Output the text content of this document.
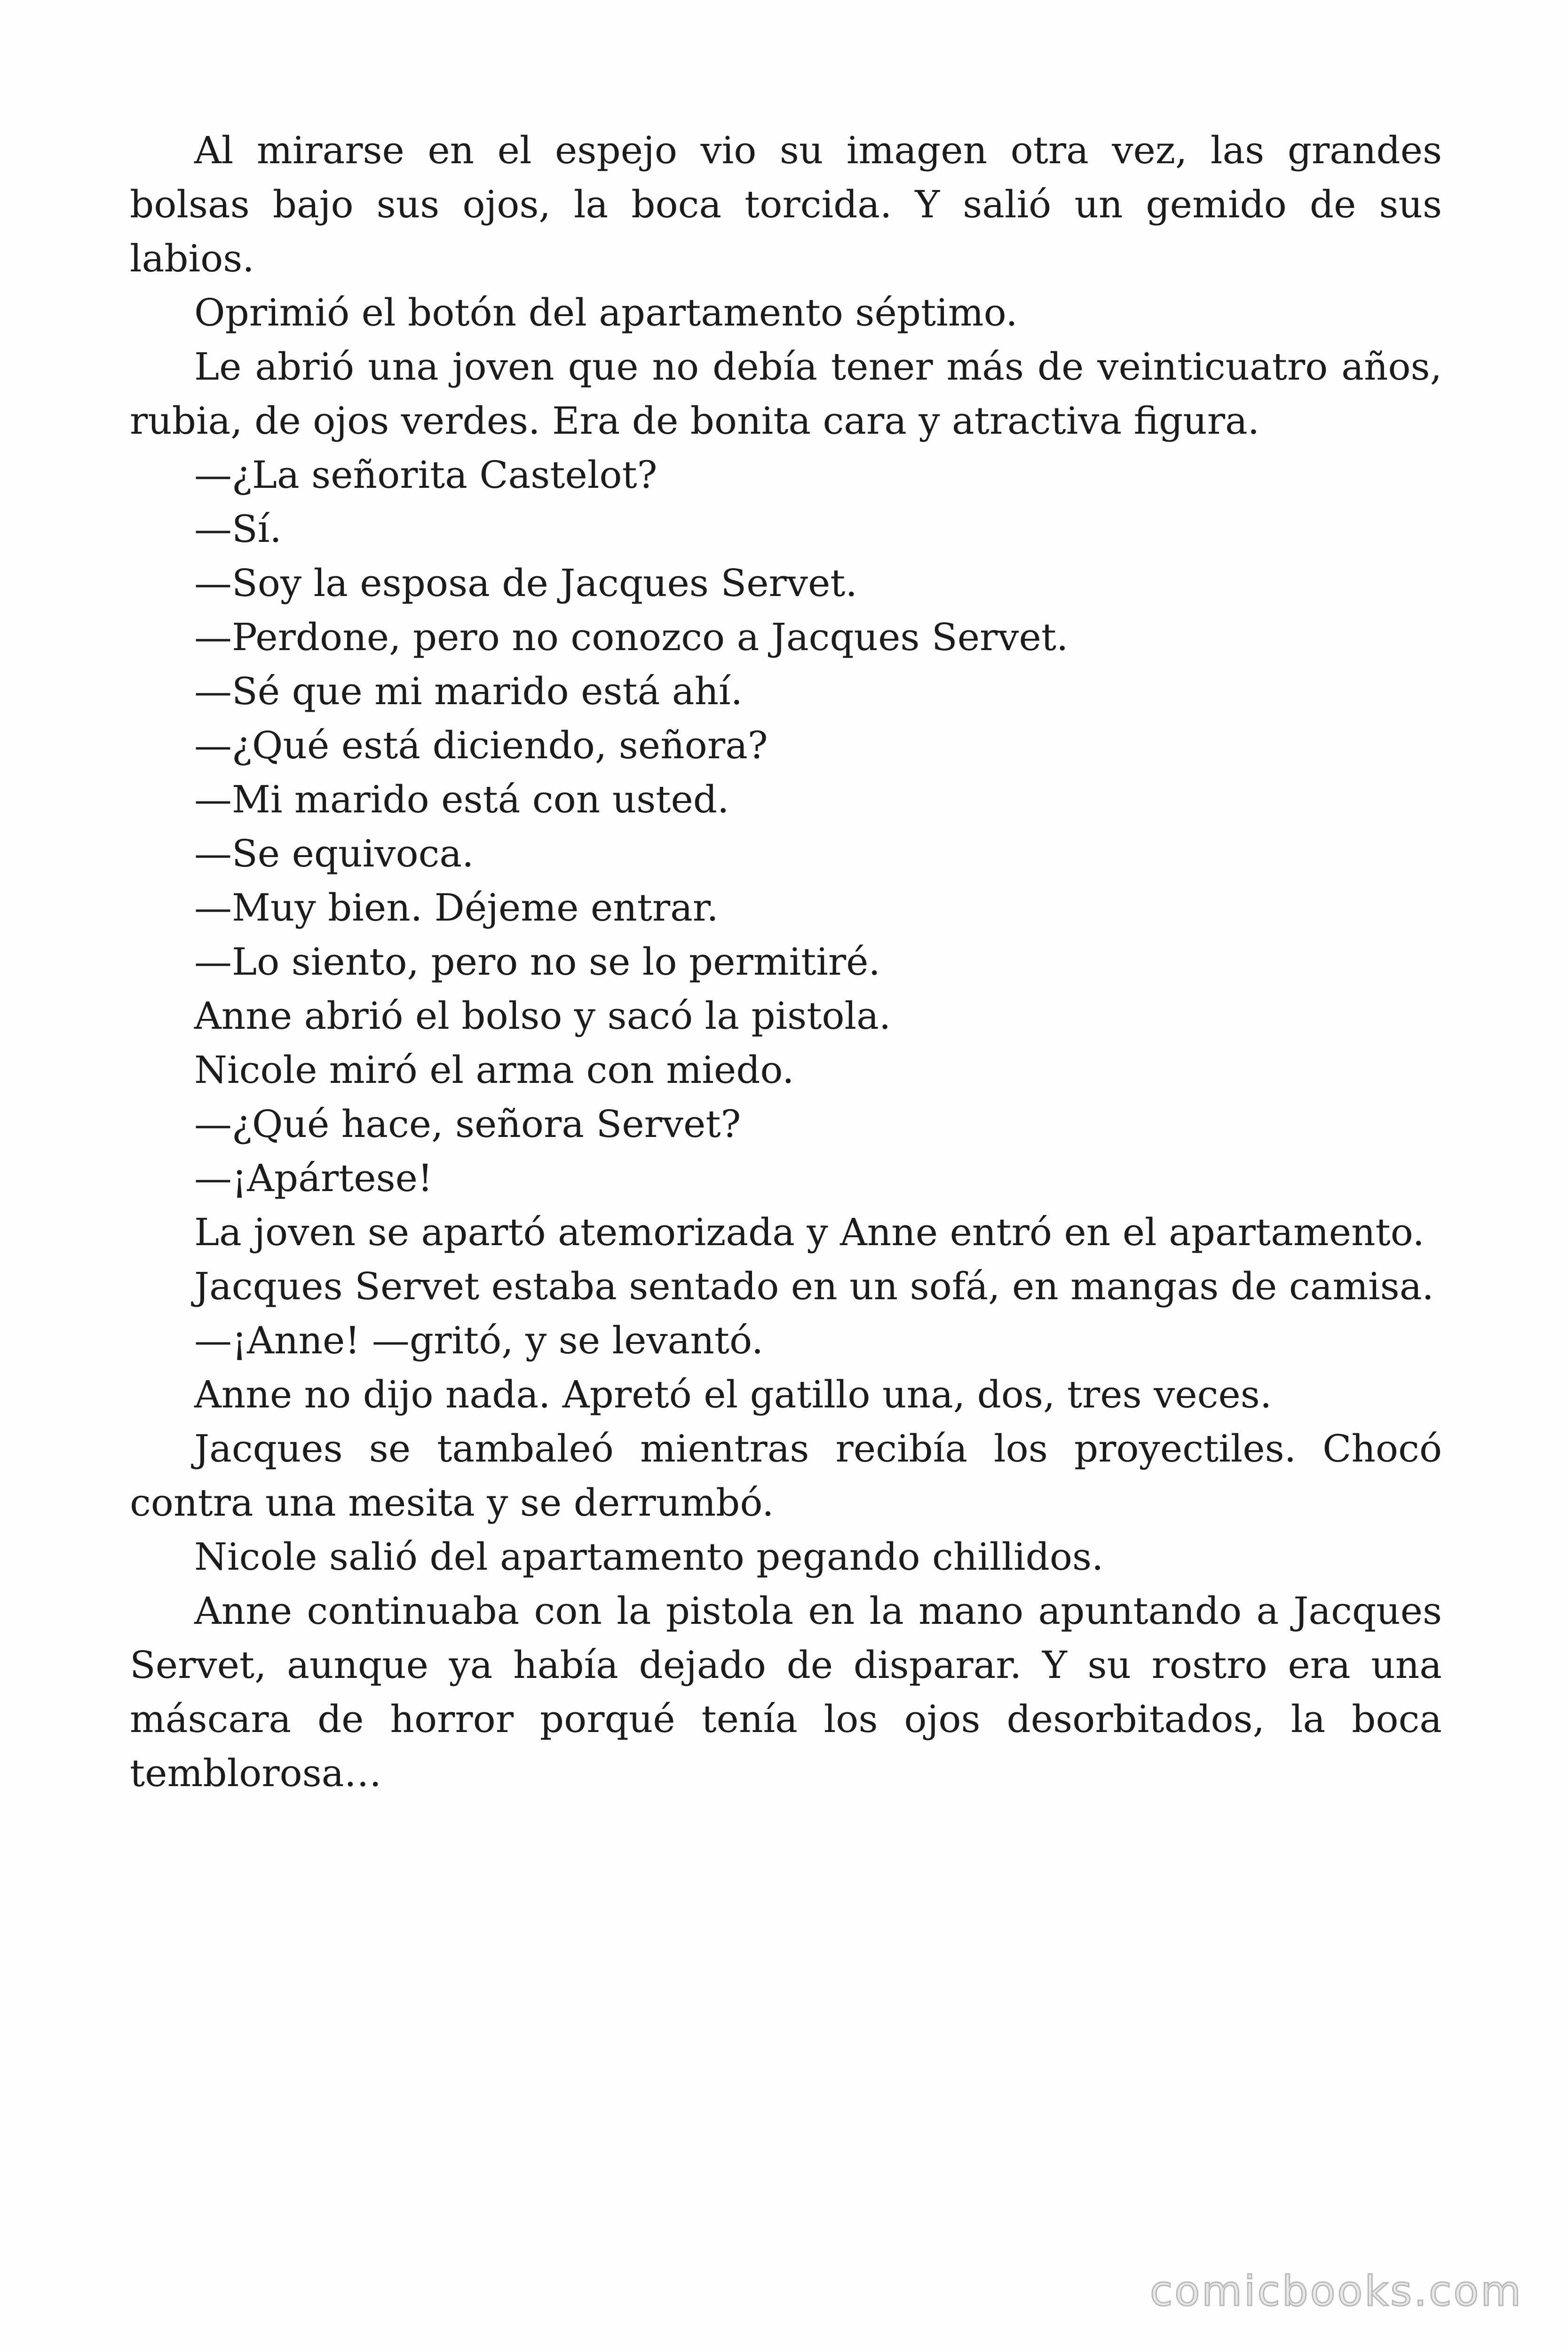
Al mirarse en el espejo vio su imagen otra vez, las grandes bolsas bajo sus ojos, la boca torcida. Y salió un gemido de sus labios.

Oprimió el botón del apartamento séptimo.

Le abrió una joven que no debía tener más de veinticuatro años, rubia, de ojos verdes. Era de bonita cara y atractiva figura.

—¿La señorita Castelot?

—Sí.

—Soy la esposa de Jacques Servet.

—Perdone, pero no conozco a Jacques Servet.

—Sé que mi marido está ahí.

—¿Qué está diciendo, señora?

—Mi marido está con usted.

—Se equivoca.

—Muy bien. Déjeme entrar.

—Lo siento, pero no se lo permitiré.

Anne abrió el bolso y sacó la pistola.

Nicole miró el arma con miedo.

—¿Qué hace, señora Servet?

—¡Apártese!

La joven se apartó atemorizada y Anne entró en el apartamento.

Jacques Servet estaba sentado en un sofá, en mangas de camisa.

—¡Anne! —gritó, y se levantó.

Anne no dijo nada. Apretó el gatillo una, dos, tres veces.

Jacques se tambaleó mientras recibía los proyectiles. Chocó contra una mesita y se derrumbó.

Nicole salió del apartamento pegando chillidos.

Anne continuaba con la pistola en la mano apuntando a Jacques Servet, aunque ya había dejado de disparar. Y su rostro era una máscara de horror porqué tenía los ojos desorbitados, la boca temblorosa…

comicbooks.com
